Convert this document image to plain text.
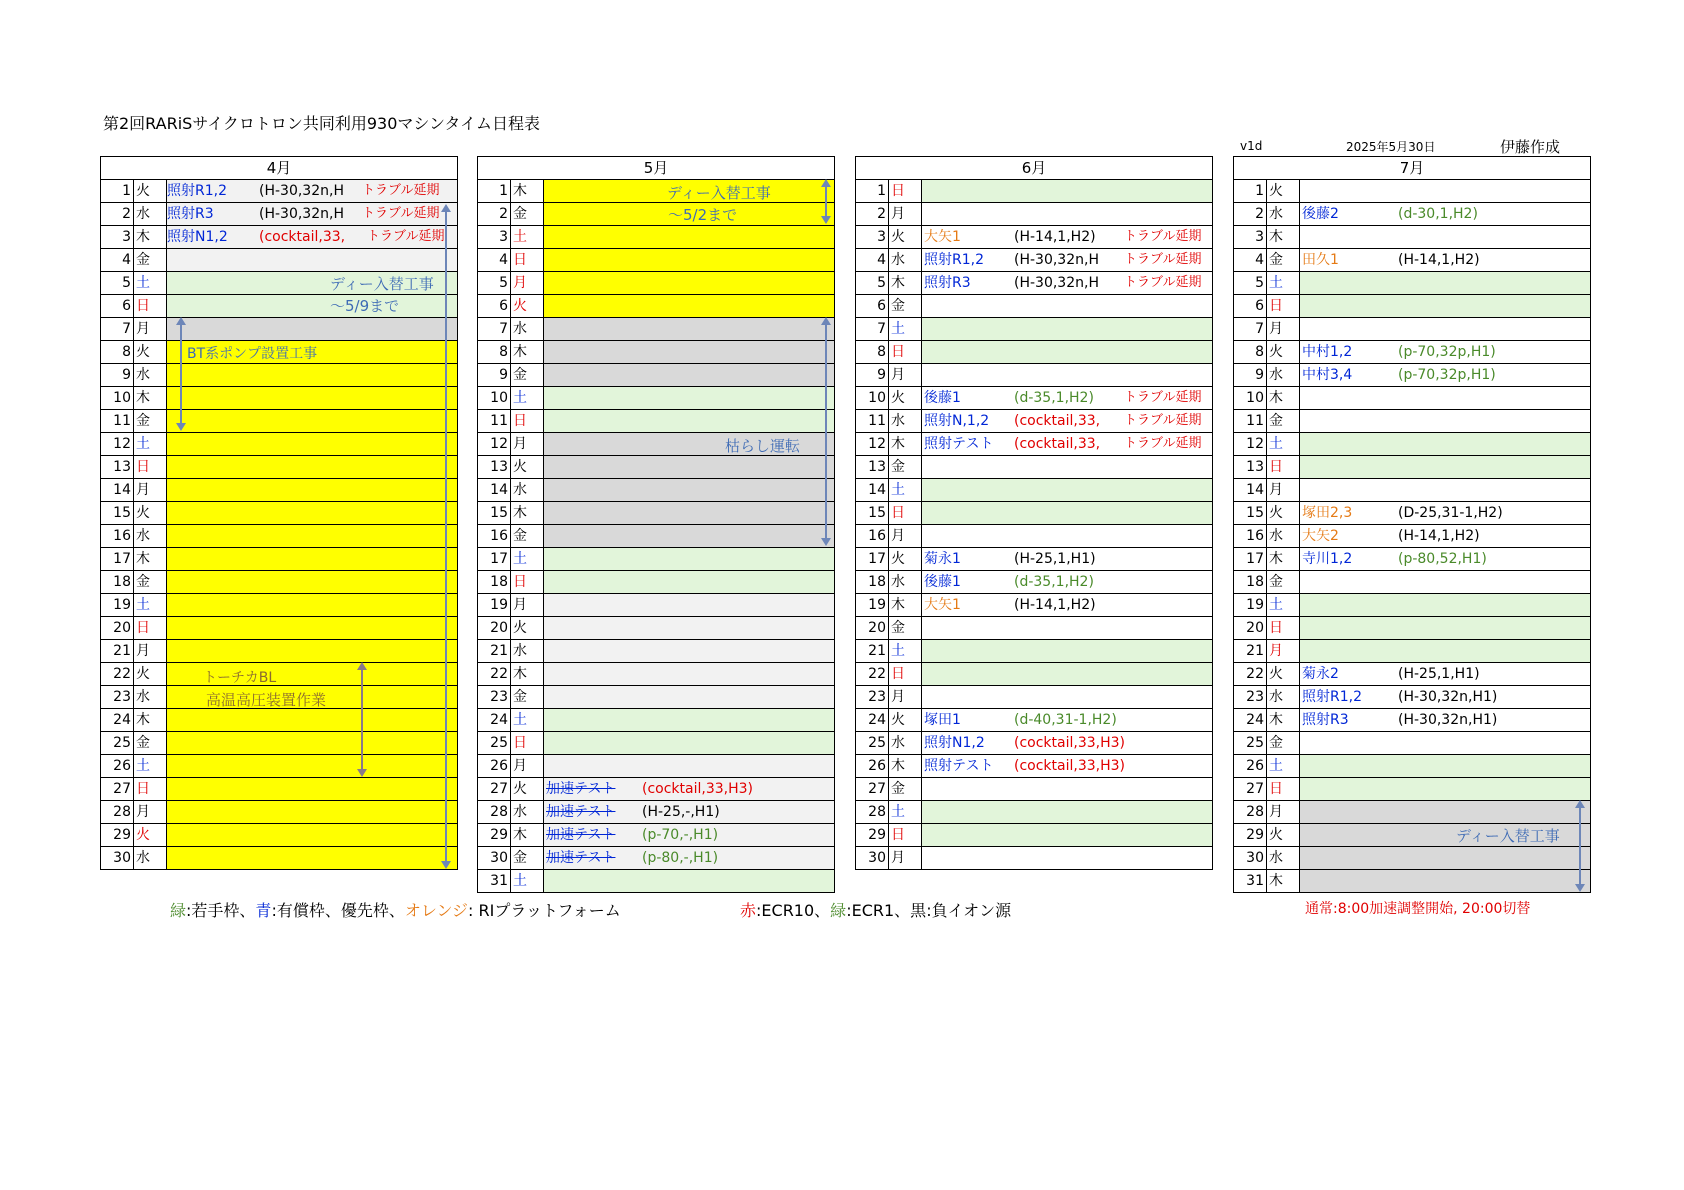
第2回RARiSサイクロトロン共同利用930マシンタイム日程表
v1d	2025年5月30日	伊藤作成
4月		
1	火	照射R1,2 (H-30,32n,H トラブル延期

2	水	照射R3 (H-30,32n,H トラブル延期

3	木	照射N1,2 (cocktail,33, トラブル延期

4	金	
5	土	
6	日	
7	月	
8	火	
9	水	
10	木	
11	金	
12	土	
13	日	
14	月	
15	火	
16	水	
17	木	
18	金	
19	土	
20	日	
21	月	
22	火	
23	水	
24	木	
25	金	
26	土	
27	日	
28	月	
29	火	
30	水	
5月		
1	木	
2	金	
3	土	
4	日	
5	月	
6	火	
7	水	
8	木	
9	金	
10	土	
11	日	
12	月	
13	火	
14	水	
15	木	
16	金	
17	土	
18	日	
19	月	
20	火	
21	水	
22	木	
23	金	
24	土	
25	日	
26	月	
27	火	加速テスト (cocktail,33,H3)

28	水	加速テスト (H-25,-,H1)

29	木	加速テスト (p-70,-,H1)

30	金	加速テスト (p-80,-,H1)

31	土	
6月		
1	日	
2	月	
3	火	大矢1 (H-14,1,H2) トラブル延期

4	水	照射R1,2 (H-30,32n,H トラブル延期

5	木	照射R3 (H-30,32n,H トラブル延期

6	金	
7	土	
8	日	
9	月	
10	火	後藤1 (d-35,1,H2) トラブル延期

11	水	照射N,1,2 (cocktail,33, トラブル延期

12	木	照射テスト (cocktail,33, トラブル延期

13	金	
14	土	
15	日	
16	月	
17	火	菊永1 (H-25,1,H1)

18	水	後藤1 (d-35,1,H2)

19	木	大矢1 (H-14,1,H2)

20	金	
21	土	
22	日	
23	月	
24	火	塚田1 (d-40,31-1,H2)

25	水	照射N1,2 (cocktail,33,H3)

26	木	照射テスト (cocktail,33,H3)

27	金	
28	土	
29	日	
30	月	
7月		
1	火	
2	水	後藤2 (d-30,1,H2)

3	木	
4	金	田久1 (H-14,1,H2)

5	土	
6	日	
7	月	
8	火	中村1,2 (p-70,32p,H1)

9	水	中村3,4 (p-70,32p,H1)

10	木	
11	金	
12	土	
13	日	
14	月	
15	火	塚田2,3 (D-25,31-1,H2)

16	水	大矢2 (H-14,1,H2)

17	木	寺川1,2 (p-80,52,H1)

18	金	
19	土	
20	日	
21	月	
22	火	菊永2 (H-25,1,H1)

23	水	照射R1,2 (H-30,32n,H1)

24	木	照射R3 (H-30,32n,H1)

25	金	
26	土	
27	日	
28	月	
29	火	
30	水	
31	木	
ディー入替工事
～5/9まで
BT系ポンプ設置工事
トーチカBL
高温高圧装置作業
ディー入替工事
～5/2まで
枯らし運転
ディー入替工事
緑:若手枠、青:有償枠、優先枠、オレンジ: RIプラットフォーム	赤:ECR10、緑:ECR1、黒:負イオン源	通常:8:00加速調整開始, 20:00切替
